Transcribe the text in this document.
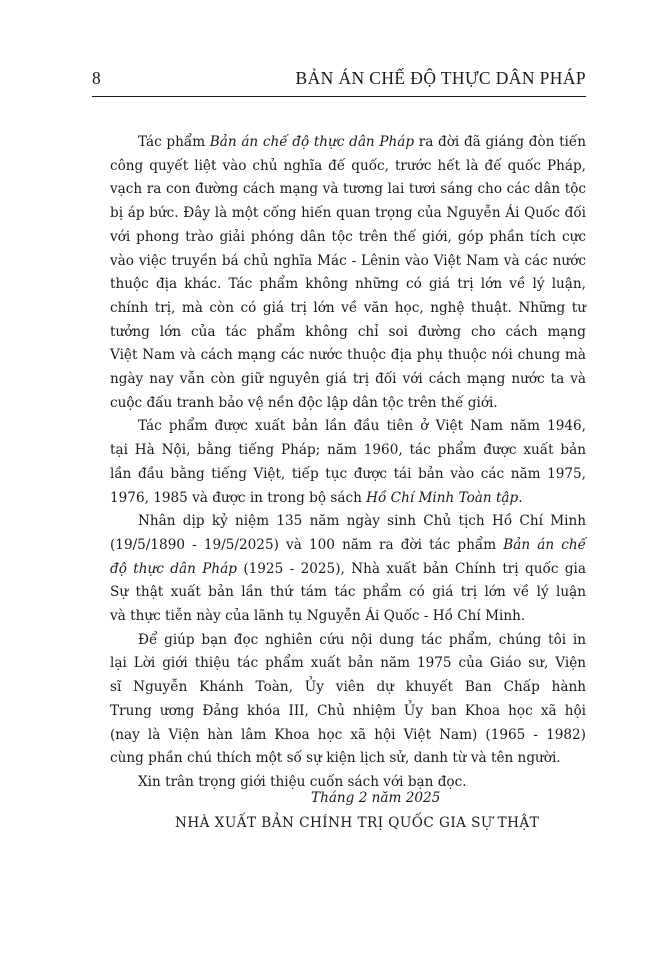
8	BẢN ÁN CHẾ ĐỘ THỰC DÂN PHÁP
Tác phẩm Bản án chế độ thực dân Pháp ra đời đã giáng đòn tiến
công quyết liệt vào chủ nghĩa đế quốc, trước hết là đế quốc Pháp,
vạch ra con đường cách mạng và tương lai tươi sáng cho các dân tộc
bị áp bức. Đây là một cống hiến quan trọng của Nguyễn Ái Quốc đối
với phong trào giải phóng dân tộc trên thế giới, góp phần tích cực
vào việc truyền bá chủ nghĩa Mác - Lênin vào Việt Nam và các nước
thuộc địa khác. Tác phẩm không những có giá trị lớn về lý luận,
chính trị, mà còn có giá trị lớn về văn học, nghệ thuật. Những tư
tưởng lớn của tác phẩm không chỉ soi đường cho cách mạng
Việt Nam và cách mạng các nước thuộc địa phụ thuộc nói chung mà
ngày nay vẫn còn giữ nguyên giá trị đối với cách mạng nước ta và
cuộc đấu tranh bảo vệ nền độc lập dân tộc trên thế giới.
Tác phẩm được xuất bản lần đầu tiên ở Việt Nam năm 1946,
tại Hà Nội, bằng tiếng Pháp; năm 1960, tác phẩm được xuất bản
lần đầu bằng tiếng Việt, tiếp tục được tái bản vào các năm 1975,
1976, 1985 và được in trong bộ sách Hồ Chí Minh Toàn tập.
Nhân dịp kỷ niệm 135 năm ngày sinh Chủ tịch Hồ Chí Minh
(19/5/1890 - 19/5/2025) và 100 năm ra đời tác phẩm Bản án chế
độ thực dân Pháp (1925 - 2025), Nhà xuất bản Chính trị quốc gia
Sự thật xuất bản lần thứ tám tác phẩm có giá trị lớn về lý luận
và thực tiễn này của lãnh tụ Nguyễn Ái Quốc - Hồ Chí Minh.
Để giúp bạn đọc nghiên cứu nội dung tác phẩm, chúng tôi in
lại Lời giới thiệu tác phẩm xuất bản năm 1975 của Giáo sư, Viện
sĩ Nguyễn Khánh Toàn, Ủy viên dự khuyết Ban Chấp hành
Trung ương Đảng khóa III, Chủ nhiệm Ủy ban Khoa học xã hội
(nay là Viện hàn lâm Khoa học xã hội Việt Nam) (1965 - 1982)
cùng phần chú thích một số sự kiện lịch sử, danh từ và tên người.
Xin trân trọng giới thiệu cuốn sách với bạn đọc.
Tháng 2 năm 2025
NHÀ XUẤT BẢN CHÍNH TRỊ QUỐC GIA SỰ THẬT
